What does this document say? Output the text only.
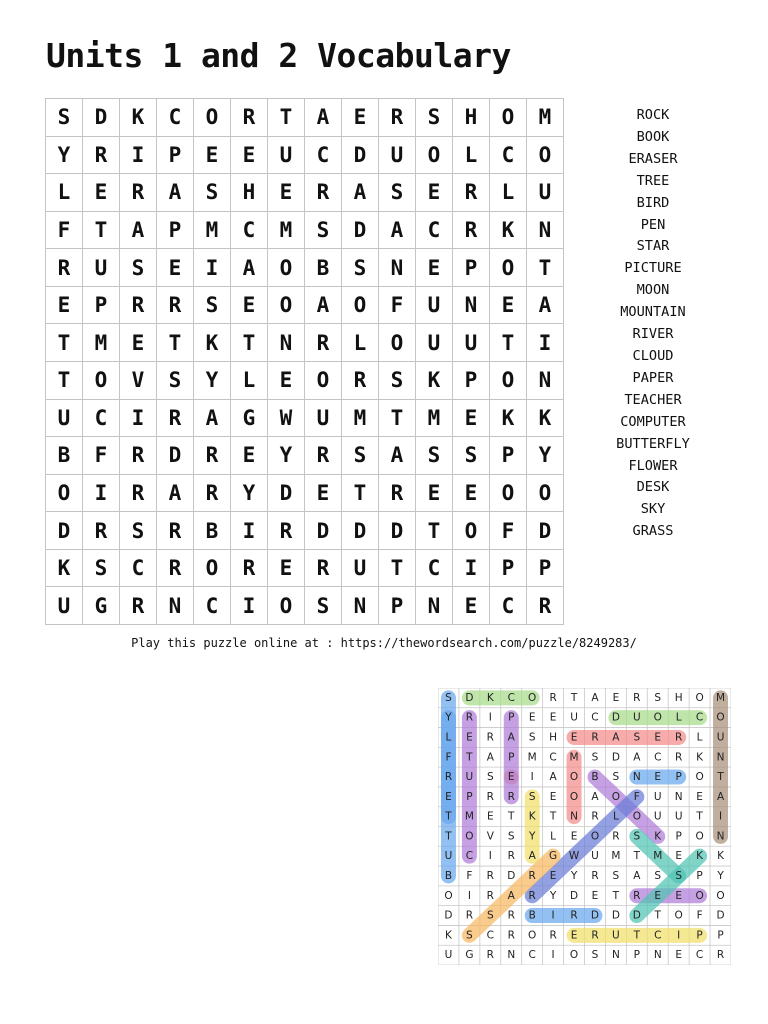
Units 1 and 2 Vocabulary
S	D	K	C	O	R	T	A	E	R	S	H	O	M
Y	R	I	P	E	E	U	C	D	U	O	L	C	O
L	E	R	A	S	H	E	R	A	S	E	R	L	U
F	T	A	P	M	C	M	S	D	A	C	R	K	N
R	U	S	E	I	A	O	B	S	N	E	P	O	T
E	P	R	R	S	E	O	A	O	F	U	N	E	A
T	M	E	T	K	T	N	R	L	O	U	U	T	I
T	O	V	S	Y	L	E	O	R	S	K	P	O	N
U	C	I	R	A	G	W	U	M	T	M	E	K	K
B	F	R	D	R	E	Y	R	S	A	S	S	P	Y
O	I	R	A	R	Y	D	E	T	R	E	E	O	O
D	R	S	R	B	I	R	D	D	D	T	O	F	D
K	S	C	R	O	R	E	R	U	T	C	I	P	P
U	G	R	N	C	I	O	S	N	P	N	E	C	R
ROCK
BOOK
ERASER
TREE
BIRD
PEN
STAR
PICTURE
MOON
MOUNTAIN
RIVER
CLOUD
PAPER
TEACHER
COMPUTER
BUTTERFLY
FLOWER
DESK
SKY
GRASS
Play this puzzle online at : https://thewordsearch.com/puzzle/8249283/
S D K C O R T A E R S H O M
Y R I P E E U C D U O L C O
L E R A S H E R A S E R L U
F T A P M C M S D A C R K N
R U S E I A O B S N E P O T
E P R R S E O A O F U N E A
T M E T K T N R L O U U T I
T O V S Y L E O R S K P O N
U C I R A G W U M T M E K K
B F R D R E Y R S A S S P Y
O I R A R Y D E T R E E O O
D R S R B I R D D D T O F D
K S C R O R E R U T C I P P
U G R N C I O S N P N E C R
